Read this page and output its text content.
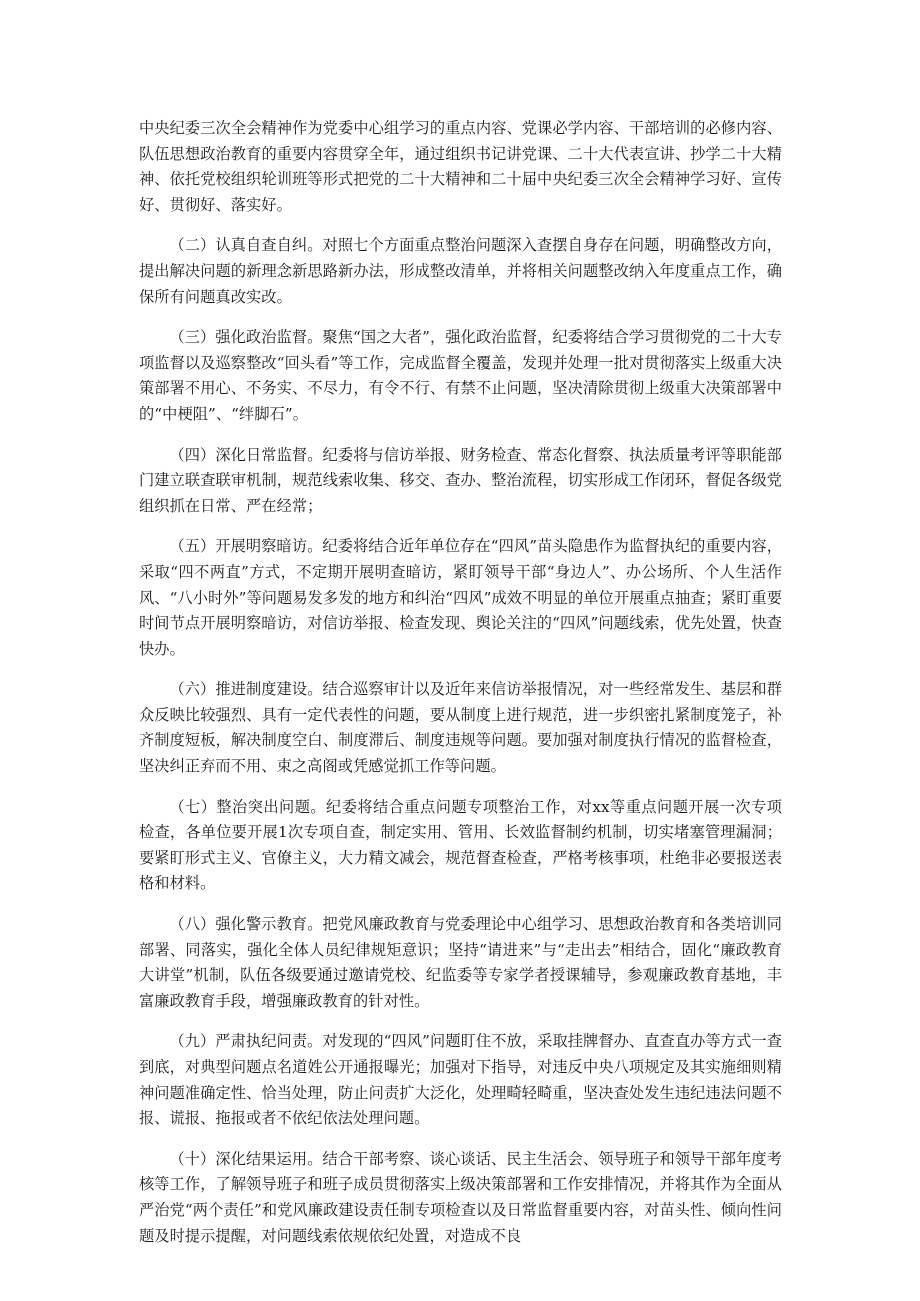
中央纪委三次全会精神作为党委中心组学习的重点内容、党课必学内容、干部培训的必修内容、队伍思想政治教育的重要内容贯穿全年，通过组织书记讲党课、二十大代表宣讲、抄学二十大精神、依托党校组织轮训班等形式把党的二十大精神和二十届中央纪委三次全会精神学习好、宣传好、贯彻好、落实好。

（二）认真自查自纠。对照七个方面重点整治问题深入查摆自身存在问题，明确整改方向，提出解决问题的新理念新思路新办法，形成整改清单，并将相关问题整改纳入年度重点工作，确保所有问题真改实改。

（三）强化政治监督。聚焦“国之大者”，强化政治监督，纪委将结合学习贯彻党的二十大专项监督以及巡察整改“回头看”等工作，完成监督全覆盖，发现并处理一批对贯彻落实上级重大决策部署不用心、不务实、不尽力，有令不行、有禁不止问题，坚决清除贯彻上级重大决策部署中的“中梗阻”、“绊脚石”。

（四）深化日常监督。纪委将与信访举报、财务检查、常态化督察、执法质量考评等职能部门建立联查联审机制，规范线索收集、移交、查办、整治流程，切实形成工作闭环，督促各级党组织抓在日常、严在经常；

（五）开展明察暗访。纪委将结合近年单位存在“四风”苗头隐患作为监督执纪的重要内容，采取“四不两直”方式，不定期开展明查暗访，紧盯领导干部“身边人”、办公场所、个人生活作风、“八小时外”等问题易发多发的地方和纠治“四风”成效不明显的单位开展重点抽查；紧盯重要时间节点开展明察暗访，对信访举报、检查发现、舆论关注的“四风”问题线索，优先处置，快查快办。

（六）推进制度建设。结合巡察审计以及近年来信访举报情况，对一些经常发生、基层和群众反映比较强烈、具有一定代表性的问题，要从制度上进行规范，进一步织密扎紧制度笼子，补齐制度短板，解决制度空白、制度滞后、制度违规等问题。要加强对制度执行情况的监督检查，坚决纠正弃而不用、束之高阁或凭感觉抓工作等问题。

（七）整治突出问题。纪委将结合重点问题专项整治工作，对xx等重点问题开展一次专项检查，各单位要开展1次专项自查，制定实用、管用、长效监督制约机制，切实堵塞管理漏洞；要紧盯形式主义、官僚主义，大力精文减会，规范督查检查，严格考核事项，杜绝非必要报送表格和材料。

（八）强化警示教育。把党风廉政教育与党委理论中心组学习、思想政治教育和各类培训同部署、同落实，强化全体人员纪律规矩意识；坚持“请进来”与“走出去”相结合，固化“廉政教育大讲堂”机制，队伍各级要通过邀请党校、纪监委等专家学者授课辅导，参观廉政教育基地，丰富廉政教育手段，增强廉政教育的针对性。

（九）严肃执纪问责。对发现的“四风”问题盯住不放，采取挂牌督办、直查直办等方式一查到底，对典型问题点名道姓公开通报曝光；加强对下指导，对违反中央八项规定及其实施细则精神问题准确定性、恰当处理，防止问责扩大泛化，处理畸轻畸重，坚决查处发生违纪违法问题不报、谎报、拖报或者不依纪依法处理问题。

（十）深化结果运用。结合干部考察、谈心谈话、民主生活会、领导班子和领导干部年度考核等工作，了解领导班子和班子成员贯彻落实上级决策部署和工作安排情况，并将其作为全面从严治党“两个责任”和党风廉政建设责任制专项检查以及日常监督重要内容，对苗头性、倾向性问题及时提示提醒，对问题线索依规依纪处置，对造成不良
